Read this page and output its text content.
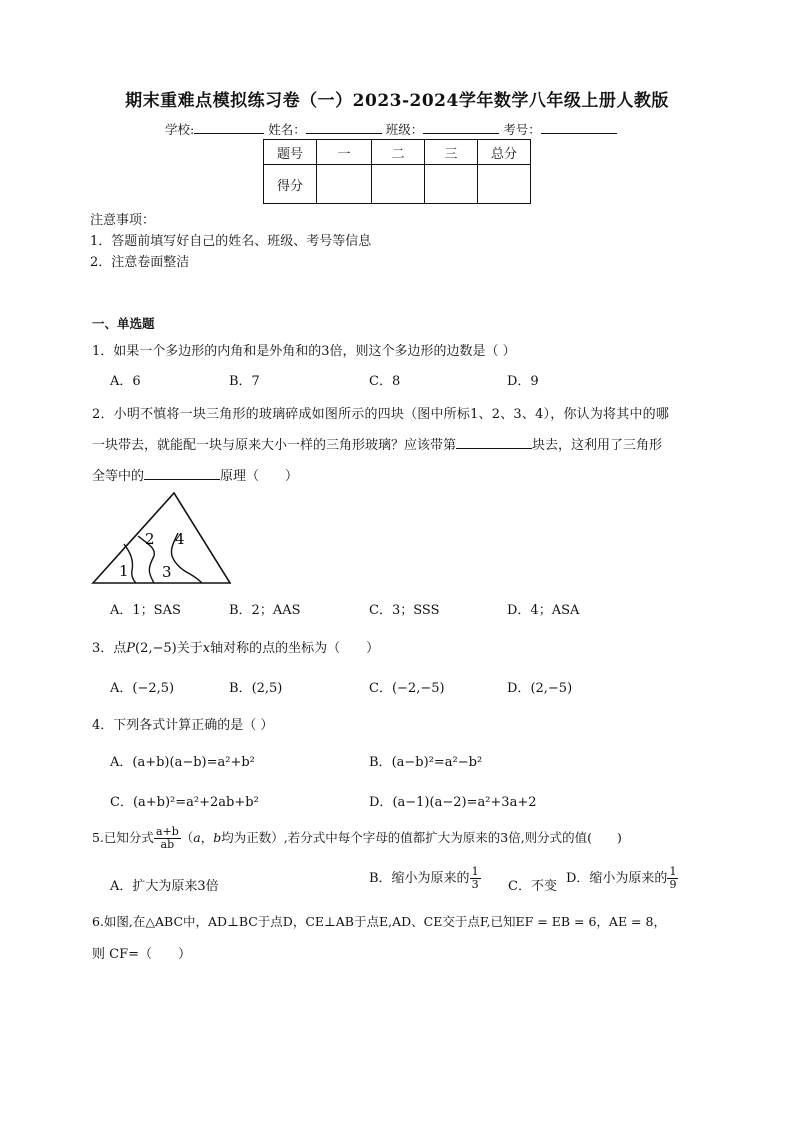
期末重难点模拟练习卷（一）2023-2024学年数学八年级上册人教版
学校:	姓名：	班级：	考号：
题号	一	二	三	总分
得分				
注意事项：
1．答题前填写好自己的姓名、班级、考号等信息
2．注意卷面整洁
一、单选题
1．如果一个多边形的内角和是外角和的3倍，则这个多边形的边数是（ ）
A．6	B．7	C．8	D．9
2．小明不慎将一块三角形的玻璃碎成如图所示的四块（图中所标1、2、3、4），你认为将其中的哪
一块带去，就能配一块与原来大小一样的三角形玻璃？应该带第	块去，这利用了三角形
全等中的	原理（　　）
1
2
3
4
A．1；SAS	B．2；AAS	C．3；SSS	D．4；ASA
3．点P(2,−5)关于x轴对称的点的坐标为（　　）
A．(−2,5)	B．(2,5)	C．(−2,−5)	D．(2,−5)
4．下列各式计算正确的是（ ）
A．(a+b)(a−b)=a²+b²	B．(a−b)²=a²−b²
C．(a+b)²=a²+2ab+b²	D．(a−1)(a−2)=a²+3a+2
5.已知分式 $\frac{a+b}{ab} (a$，b均为正数）,若分式中每个字母的值都扩大为原来的3倍,则分式的值(　　)
A．扩大为原来3倍
B．缩小为原来的 $\frac{1}{3}$ C．不变
D．缩小为原来的 $\frac{1}{9}$
6.如图,在△ABC中，AD⊥BC于点D，CE⊥AB于点E,AD、CE交于点F,已知EF = EB = 6，AE = 8，
则 CF=（　　）
